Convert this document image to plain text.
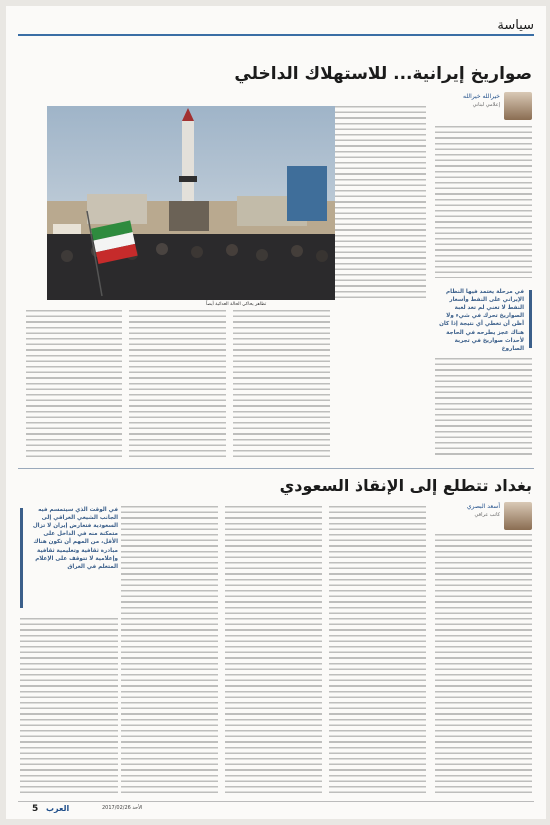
سياسة
صواريخ إيرانية... للاستهلاك الداخلي
خيرالله خيرالله
إعلامي لبناني
في مرحلة يعتمد فيها النظام الإيراني على النفط وأسعار النفط لا تعني لم تعد لعبة الصواريخ تحرك في شيء ولا أظن أن تعطي أي نتيجة إذا كان هناك عجز يطرحه في الحاجة لأحداث صواريخ في تجربة الصاروخ
تظاهر يحاكي الحالة العدائية أيضاً
بغداد تتطلع إلى الإنقاذ السعودي
أسعد البصري
كاتب عراقي
في الوقت الذي سيتمسم فيه الجانب الشيعي العراقي إلى السعودية فتعارض إيران لا تزال متمكنة منه في الداخل على الأقل، من المهم أن تكون هناك مبادرة ثقافية وتعليمية ثقافية وإعلامية لا تتوقف على الإعلام المتعلم في العراق
5 العرب	الأحد 2017/02/26
